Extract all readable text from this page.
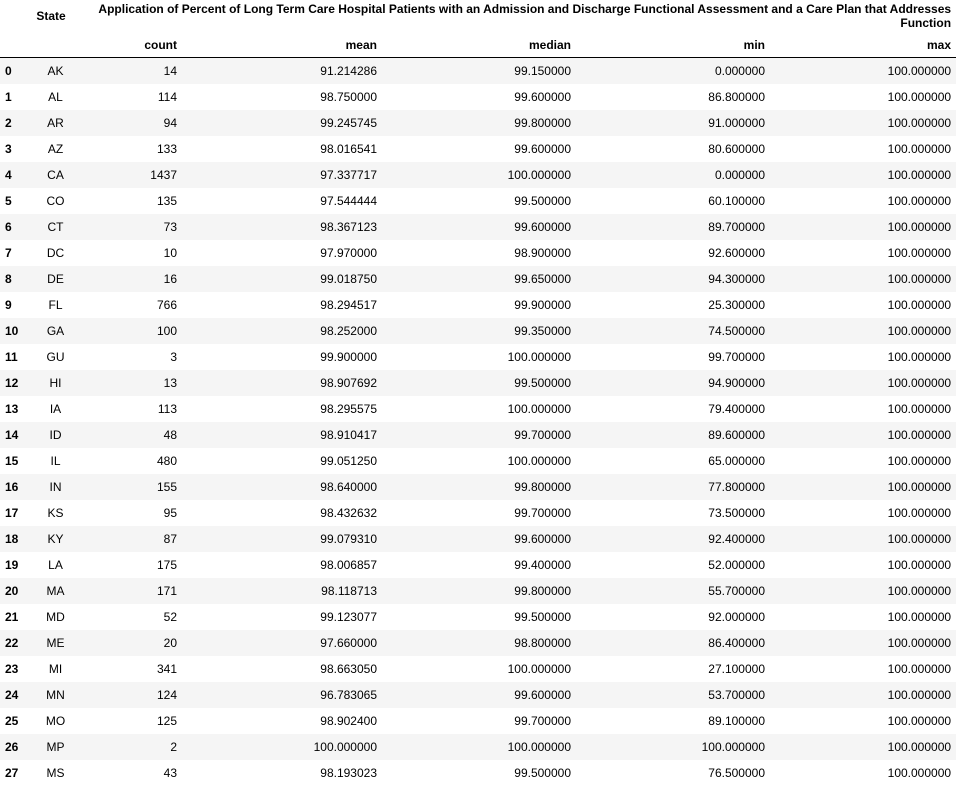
	State	Application of Percent of Long Term Care Hospital Patients with an Admission and Discharge Functional Assessment and a Care Plan that Addresses Function				
		count	mean	median	min	max
0	AK	14	91.214286	99.150000	0.000000	100.000000
1	AL	114	98.750000	99.600000	86.800000	100.000000
2	AR	94	99.245745	99.800000	91.000000	100.000000
3	AZ	133	98.016541	99.600000	80.600000	100.000000
4	CA	1437	97.337717	100.000000	0.000000	100.000000
5	CO	135	97.544444	99.500000	60.100000	100.000000
6	CT	73	98.367123	99.600000	89.700000	100.000000
7	DC	10	97.970000	98.900000	92.600000	100.000000
8	DE	16	99.018750	99.650000	94.300000	100.000000
9	FL	766	98.294517	99.900000	25.300000	100.000000
10	GA	100	98.252000	99.350000	74.500000	100.000000
11	GU	3	99.900000	100.000000	99.700000	100.000000
12	HI	13	98.907692	99.500000	94.900000	100.000000
13	IA	113	98.295575	100.000000	79.400000	100.000000
14	ID	48	98.910417	99.700000	89.600000	100.000000
15	IL	480	99.051250	100.000000	65.000000	100.000000
16	IN	155	98.640000	99.800000	77.800000	100.000000
17	KS	95	98.432632	99.700000	73.500000	100.000000
18	KY	87	99.079310	99.600000	92.400000	100.000000
19	LA	175	98.006857	99.400000	52.000000	100.000000
20	MA	171	98.118713	99.800000	55.700000	100.000000
21	MD	52	99.123077	99.500000	92.000000	100.000000
22	ME	20	97.660000	98.800000	86.400000	100.000000
23	MI	341	98.663050	100.000000	27.100000	100.000000
24	MN	124	96.783065	99.600000	53.700000	100.000000
25	MO	125	98.902400	99.700000	89.100000	100.000000
26	MP	2	100.000000	100.000000	100.000000	100.000000
27	MS	43	98.193023	99.500000	76.500000	100.000000
